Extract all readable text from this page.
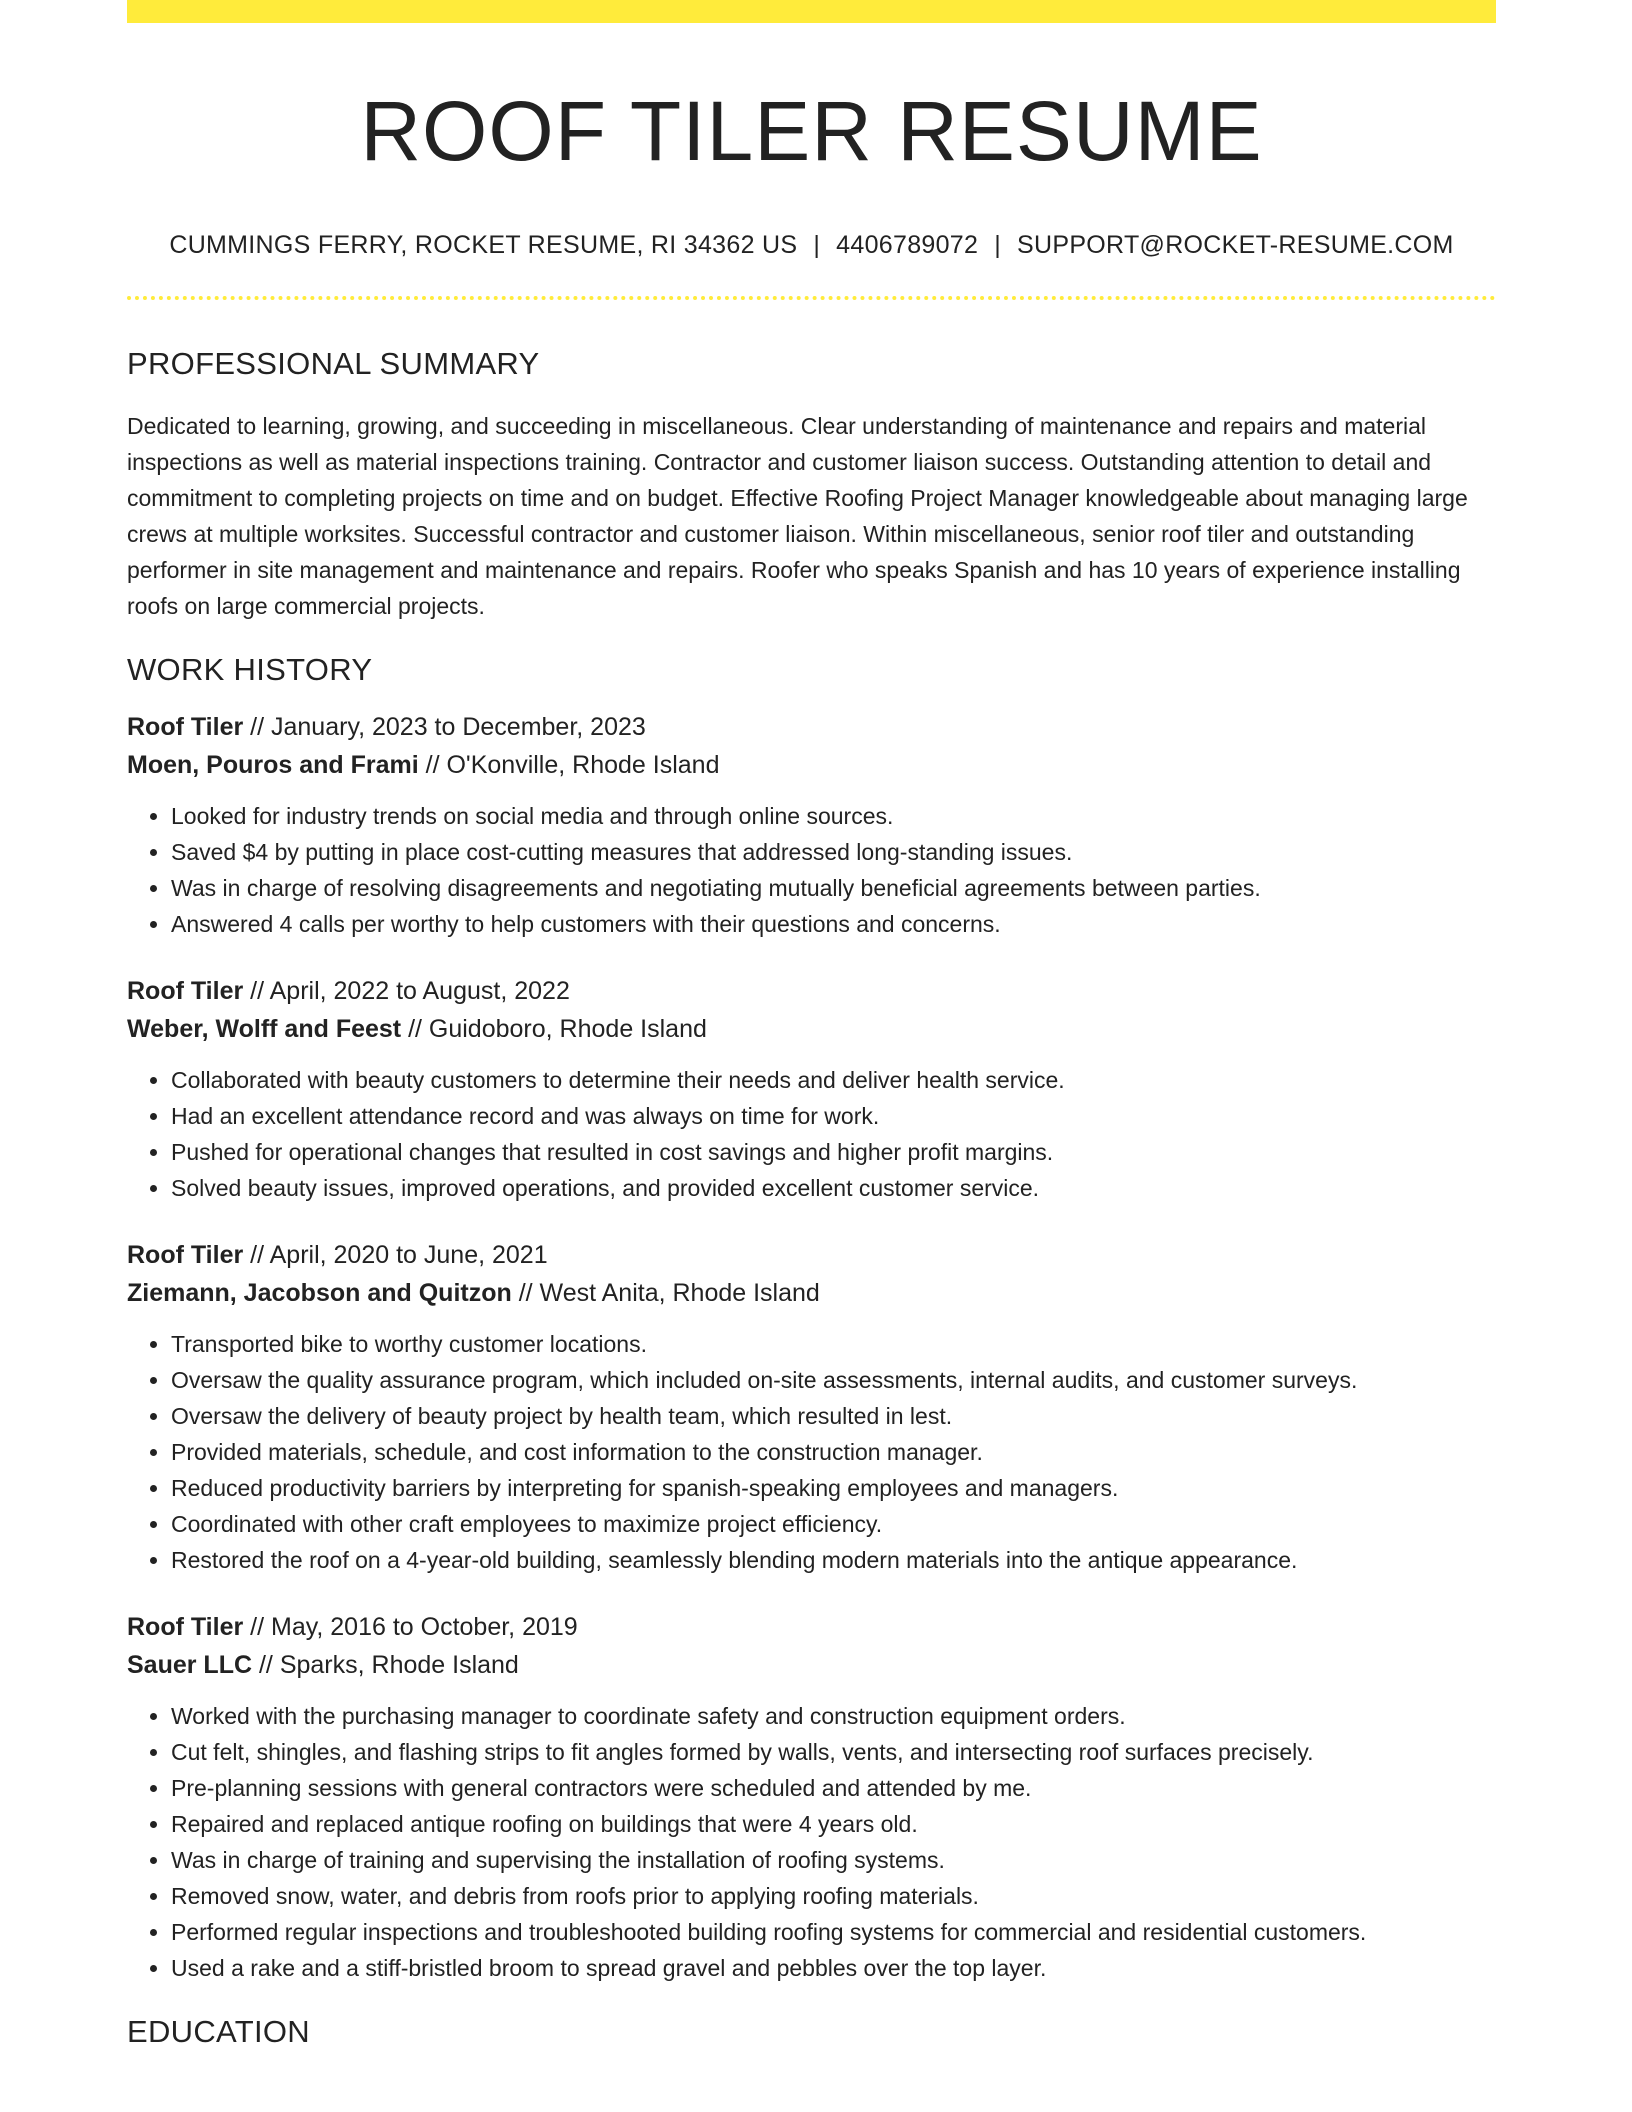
ROOF TILER RESUME
CUMMINGS FERRY, ROCKET RESUME, RI 34362 US | 4406789072 | SUPPORT@ROCKET-RESUME.COM
PROFESSIONAL SUMMARY
Dedicated to learning, growing, and succeeding in miscellaneous. Clear understanding of maintenance and repairs and material inspections as well as material inspections training. Contractor and customer liaison success. Outstanding attention to detail and commitment to completing projects on time and on budget. Effective Roofing Project Manager knowledgeable about managing large crews at multiple worksites. Successful contractor and customer liaison. Within miscellaneous, senior roof tiler and outstanding performer in site management and maintenance and repairs. Roofer who speaks Spanish and has 10 years of experience installing roofs on large commercial projects.
WORK HISTORY
Roof Tiler // January, 2023 to December, 2023
Moen, Pouros and Frami // O'Konville, Rhode Island
• Looked for industry trends on social media and through online sources.
• Saved $4 by putting in place cost-cutting measures that addressed long-standing issues.
• Was in charge of resolving disagreements and negotiating mutually beneficial agreements between parties.
• Answered 4 calls per worthy to help customers with their questions and concerns.
Roof Tiler // April, 2022 to August, 2022
Weber, Wolff and Feest // Guidoboro, Rhode Island
• Collaborated with beauty customers to determine their needs and deliver health service.
• Had an excellent attendance record and was always on time for work.
• Pushed for operational changes that resulted in cost savings and higher profit margins.
• Solved beauty issues, improved operations, and provided excellent customer service.
Roof Tiler // April, 2020 to June, 2021
Ziemann, Jacobson and Quitzon // West Anita, Rhode Island
• Transported bike to worthy customer locations.
• Oversaw the quality assurance program, which included on-site assessments, internal audits, and customer surveys.
• Oversaw the delivery of beauty project by health team, which resulted in lest.
• Provided materials, schedule, and cost information to the construction manager.
• Reduced productivity barriers by interpreting for spanish-speaking employees and managers.
• Coordinated with other craft employees to maximize project efficiency.
• Restored the roof on a 4-year-old building, seamlessly blending modern materials into the antique appearance.
Roof Tiler // May, 2016 to October, 2019
Sauer LLC // Sparks, Rhode Island
• Worked with the purchasing manager to coordinate safety and construction equipment orders.
• Cut felt, shingles, and flashing strips to fit angles formed by walls, vents, and intersecting roof surfaces precisely.
• Pre-planning sessions with general contractors were scheduled and attended by me.
• Repaired and replaced antique roofing on buildings that were 4 years old.
• Was in charge of training and supervising the installation of roofing systems.
• Removed snow, water, and debris from roofs prior to applying roofing materials.
• Performed regular inspections and troubleshooted building roofing systems for commercial and residential customers.
• Used a rake and a stiff-bristled broom to spread gravel and pebbles over the top layer.
EDUCATION
